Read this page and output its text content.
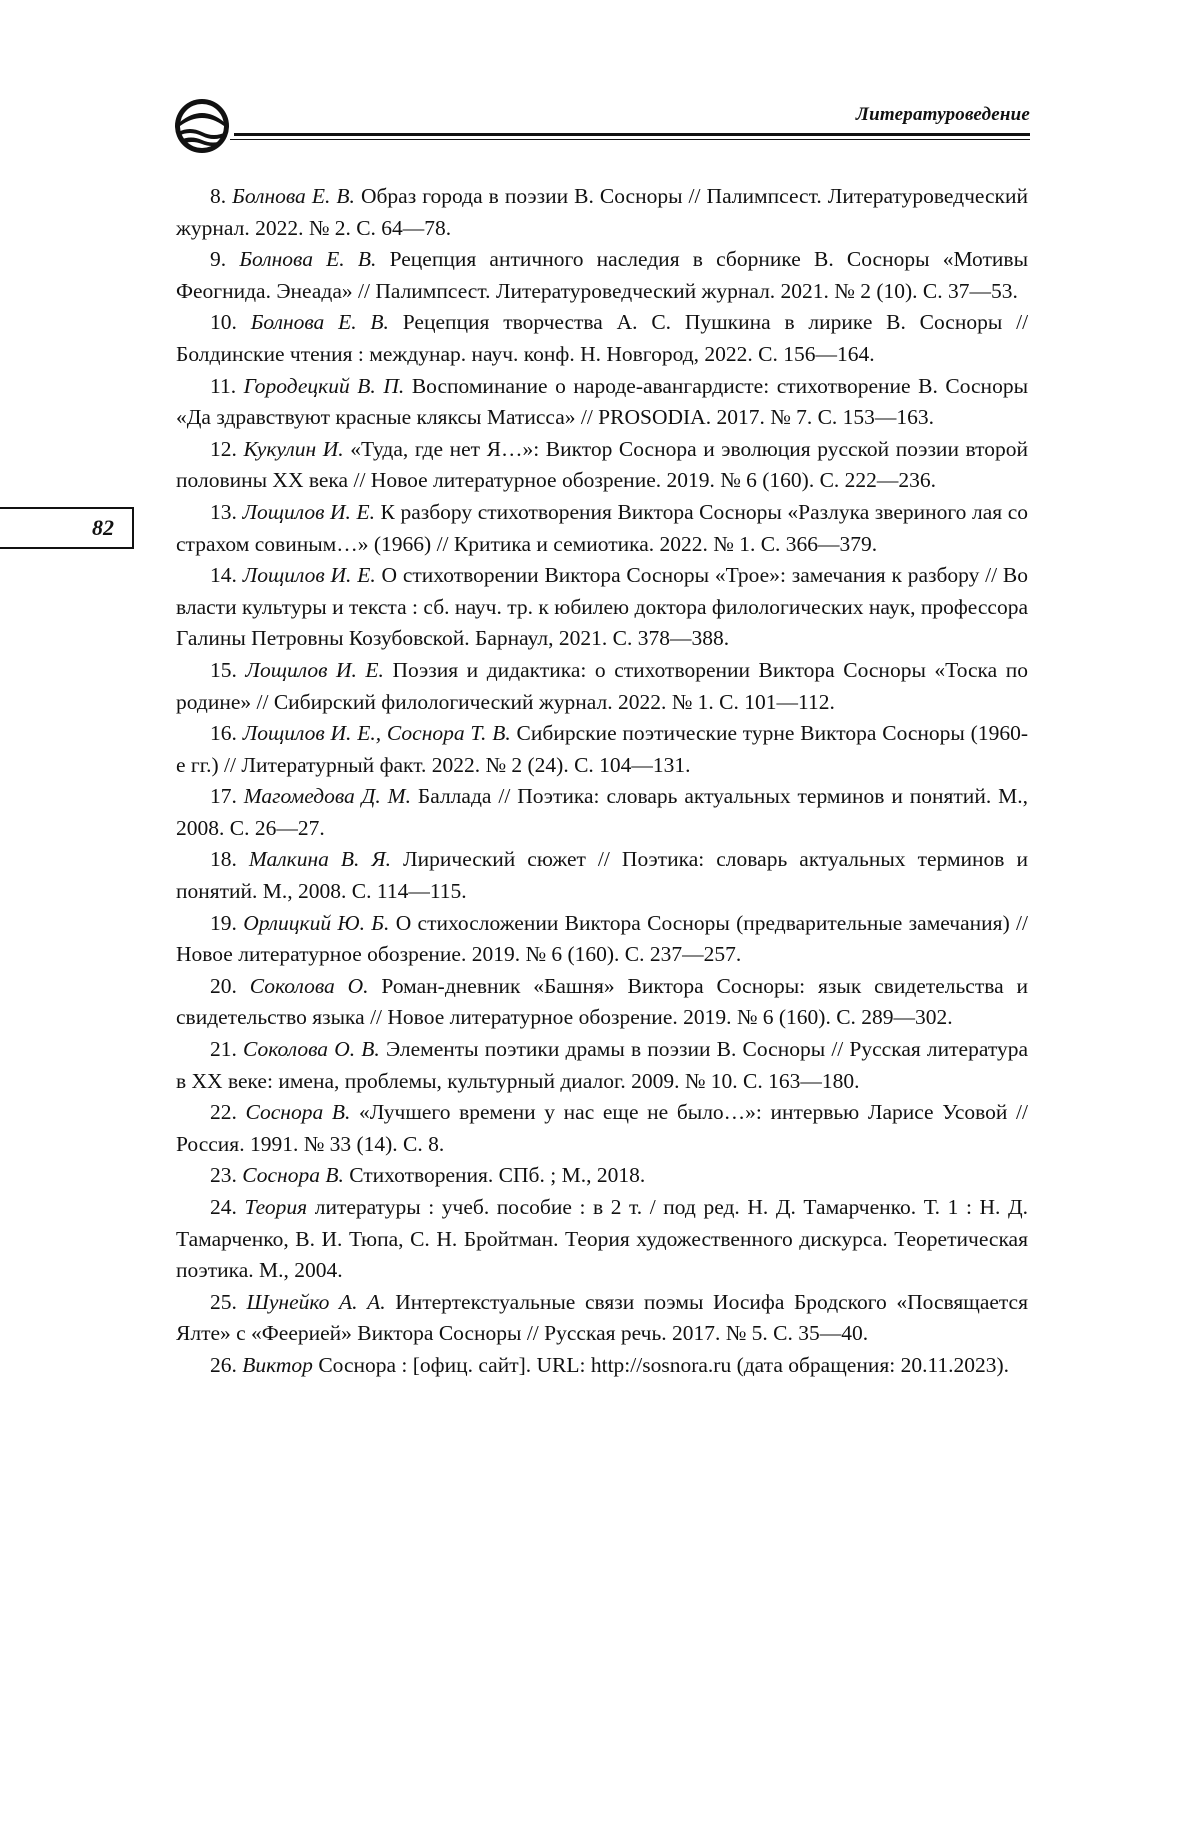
Литературоведение
82
8. Болнова Е. В. Образ города в поэзии В. Сосноры // Палимпсест. Литературоведческий журнал. 2022. № 2. С. 64—78.
9. Болнова Е. В. Рецепция античного наследия в сборнике В. Сосноры «Мотивы Феогнида. Энеада» // Палимпсест. Литературоведческий журнал. 2021. № 2 (10). С. 37—53.
10. Болнова Е. В. Рецепция творчества А. С. Пушкина в лирике В. Сосноры // Болдинские чтения : междунар. науч. конф. Н. Новгород, 2022. С. 156—164.
11. Городецкий В. П. Воспоминание о народе-авангардисте: стихотворение В. Сосноры «Да здравствуют красные кляксы Матисса» // PROSODIA. 2017. № 7. С. 153—163.
12. Кукулин И. «Туда, где нет Я…»: Виктор Соснора и эволюция русской поэзии второй половины XX века // Новое литературное обозрение. 2019. № 6 (160). С. 222—236.
13. Лощилов И. Е. К разбору стихотворения Виктора Сосноры «Разлука звериного лая со страхом совиным…» (1966) // Критика и семиотика. 2022. № 1. С. 366—379.
14. Лощилов И. Е. О стихотворении Виктора Сосноры «Трое»: замечания к разбору // Во власти культуры и текста : сб. науч. тр. к юбилею доктора филологических наук, профессора Галины Петровны Козубовской. Барнаул, 2021. С. 378—388.
15. Лощилов И. Е. Поэзия и дидактика: о стихотворении Виктора Сосноры «Тоска по родине» // Сибирский филологический журнал. 2022. № 1. С. 101—112.
16. Лощилов И. Е., Соснора Т. В. Сибирские поэтические турне Виктора Сосноры (1960-е гг.) // Литературный факт. 2022. № 2 (24). С. 104—131.
17. Магомедова Д. М. Баллада // Поэтика: словарь актуальных терминов и понятий. М., 2008. С. 26—27.
18. Малкина В. Я. Лирический сюжет // Поэтика: словарь актуальных терминов и понятий. М., 2008. С. 114—115.
19. Орлицкий Ю. Б. О стихосложении Виктора Сосноры (предварительные замечания) // Новое литературное обозрение. 2019. № 6 (160). С. 237—257.
20. Соколова О. Роман-дневник «Башня» Виктора Сосноры: язык свидетельства и свидетельство языка // Новое литературное обозрение. 2019. № 6 (160). С. 289—302.
21. Соколова О. В. Элементы поэтики драмы в поэзии В. Сосноры // Русская литература в XX веке: имена, проблемы, культурный диалог. 2009. № 10. С. 163—180.
22. Соснора В. «Лучшего времени у нас еще не было…»: интервью Ларисе Усовой // Россия. 1991. № 33 (14). С. 8.
23. Соснора В. Стихотворения. СПб. ; М., 2018.
24. Теория литературы : учеб. пособие : в 2 т. / под ред. Н. Д. Тамарченко. Т. 1 : Н. Д. Тамарченко, В. И. Тюпа, С. Н. Бройтман. Теория художественного дискурса. Теоретическая поэтика. М., 2004.
25. Шунейко А. А. Интертекстуальные связи поэмы Иосифа Бродского «Посвящается Ялте» с «Феерией» Виктора Сосноры // Русская речь. 2017. № 5. С. 35—40.
26. Виктор Соснора : [офиц. сайт]. URL: http://sosnora.ru (дата обращения: 20.11.2023).
